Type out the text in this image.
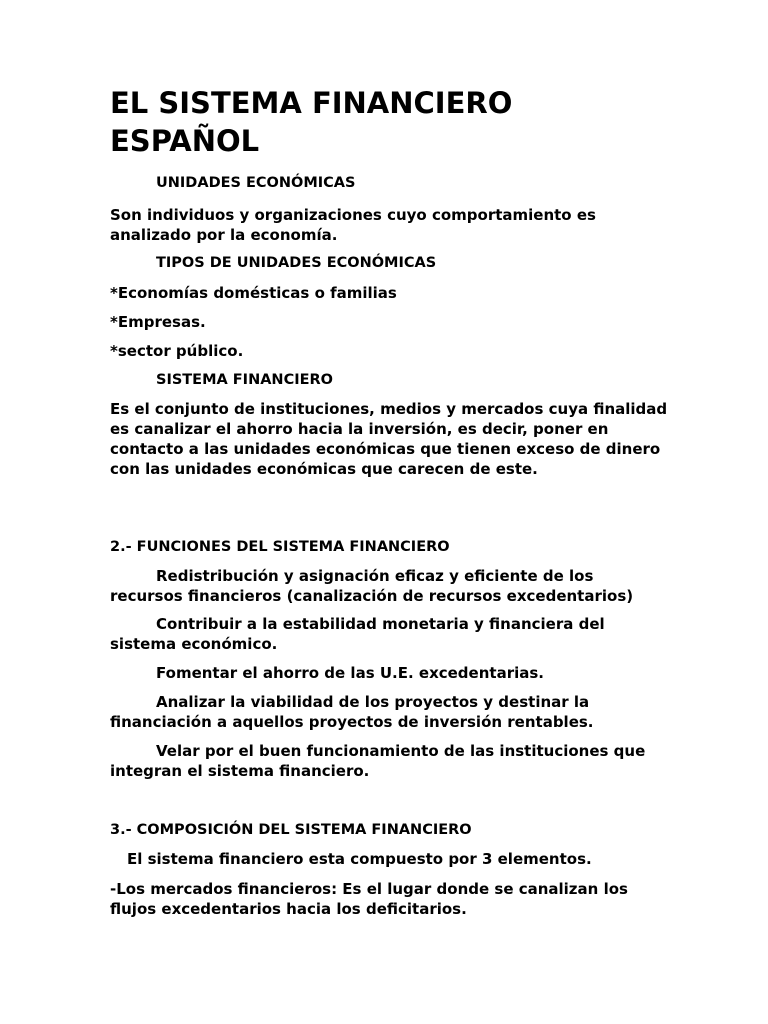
EL SISTEMA FINANCIERO ESPAÑOL

UNIDADES ECONÓMICAS

Son individuos y organizaciones cuyo comportamiento es analizado por la economía.

TIPOS DE UNIDADES ECONÓMICAS

*Economías domésticas o familias

*Empresas.

*sector público.

SISTEMA FINANCIERO

Es el conjunto de instituciones, medios y mercados cuya finalidad es canalizar el ahorro hacia la inversión, es decir, poner en contacto a las unidades económicas que tienen exceso de dinero con las unidades económicas que carecen de este.

2.- FUNCIONES DEL SISTEMA FINANCIERO

Redistribución y asignación eficaz y eficiente de los recursos financieros (canalización de recursos excedentarios)

Contribuir a la estabilidad monetaria y financiera del sistema económico.

Fomentar el ahorro de las U.E. excedentarias.

Analizar la viabilidad de los proyectos y destinar la financiación a aquellos proyectos de inversión rentables.

Velar por el buen funcionamiento de las instituciones que integran el sistema financiero.

3.- COMPOSICIÓN DEL SISTEMA FINANCIERO

El sistema financiero esta compuesto por 3 elementos.

-Los mercados financieros: Es el lugar donde se canalizan los flujos excedentarios hacia los deficitarios.
